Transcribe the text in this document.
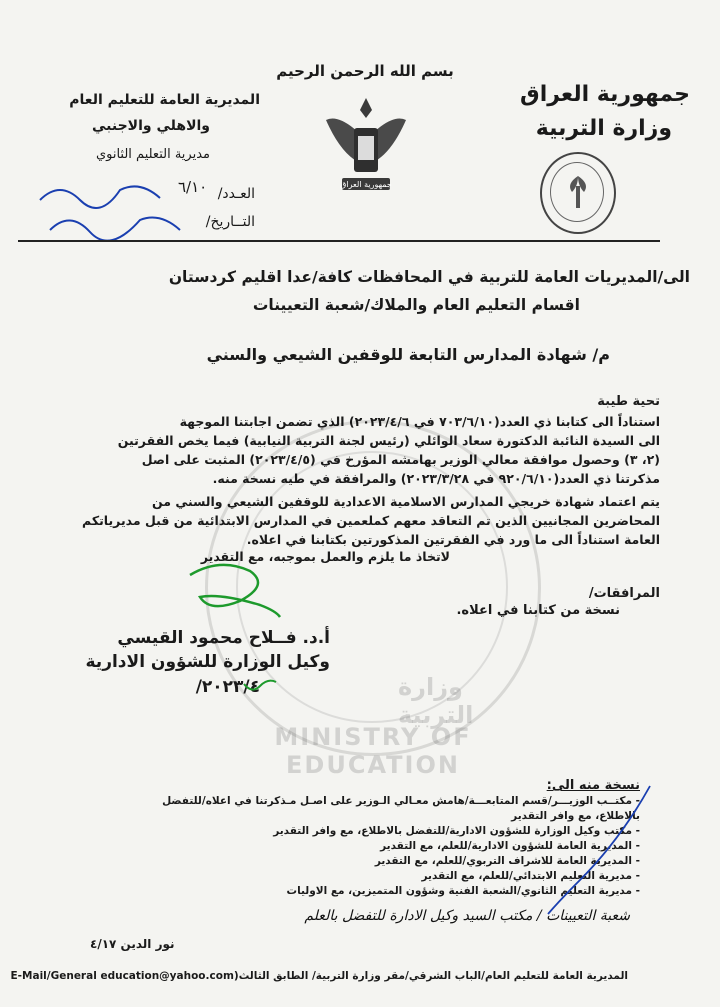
وزارة التربية
MINISTRY OF EDUCATION
بسم الله الرحمن الرحيم
جمهورية العراق
وزارة التربية
المديرية العامة للتعليم العام
والاهلي والاجنبي
مديرية التعليم الثانوي
العـدد/
٦/١٠
التــاريخ/
جمهورية العراق
الى/المديريات العامة للتربية في المحافظات كافة/عدا اقليم كردستان
اقسام التعليم العام والملاك/شعبة التعيينات
م/ شهادة المدارس التابعة للوقفين الشيعي والسني
تحية طيبة

استناداً الى كتابنا ذي العدد(٧٠٣/٦/١٠ في ٢٠٢٣/٤/٦) الذي تضمن اجابتنا الموجهة

الى السيدة النائبة الدكتورة سعاد الوائلي (رئيس لجنة التربية النيابية) فيما يخص الفقرتين

(٢، ٣) وحصول موافقة معالي الوزير بهامشه المؤرخ في (٢٠٢٣/٤/٥) المثبت على اصل

مذكرتنا ذي العدد(٩٢٠/٦/١٠ في ٢٠٢٣/٣/٢٨) والمرافقة في طيه نسخة منه.

يتم اعتماد شهادة خريجي المدارس الاسلامية الاعدادية للوقفين الشيعي والسني من

المحاضرين المجانيين الذين تم التعاقد معهم كملعمين في المدارس الابتدائية من قبل مديرياتكم

العامة استناداً الى ما ورد في الفقرتين المذكورتين بكتابنا في اعلاه.

لاتخاذ ما يلزم والعمل بموجبه، مع التقدير
المرافقات/
نسخة من كتابنا في اعلاه.
أ.د. فــلاح محمود القيسي
وكيل الوزارة للشؤون الادارية
٢٠٢٣/٤/
نسخة منه الى:
- مكتــب الوزيـــر/قسم المتابعـــة/هامش معـالي الـوزير على اصـل مـذكرتنا في اعلاه/للتفضل
بالاطلاع، مع وافر التقدير
- مكتب وكيل الوزارة للشؤون الادارية/للتفضل بالاطلاع، مع وافر التقدير
- المديرية العامة للشؤون الادارية/للعلم، مع التقدير
- المديرية العامة للاشراف التربوي/للعلم، مع التقدير
- مديرية التعليم الابتدائي/للعلم، مع التقدير
- مديرية التعليم الثانوي/الشعبة الفنية وشؤون المتميزين، مع الاوليات
شعبة التعيينات / مكتب السيد وكيل الادارة للتفضل بالعلم
نور الدين ٤/١٧
المديرية العامة للتعليم العام/الباب الشرقي/مقر وزارة التربية/ الطابق الثالث(E-Mail/General education@yahoo.com
